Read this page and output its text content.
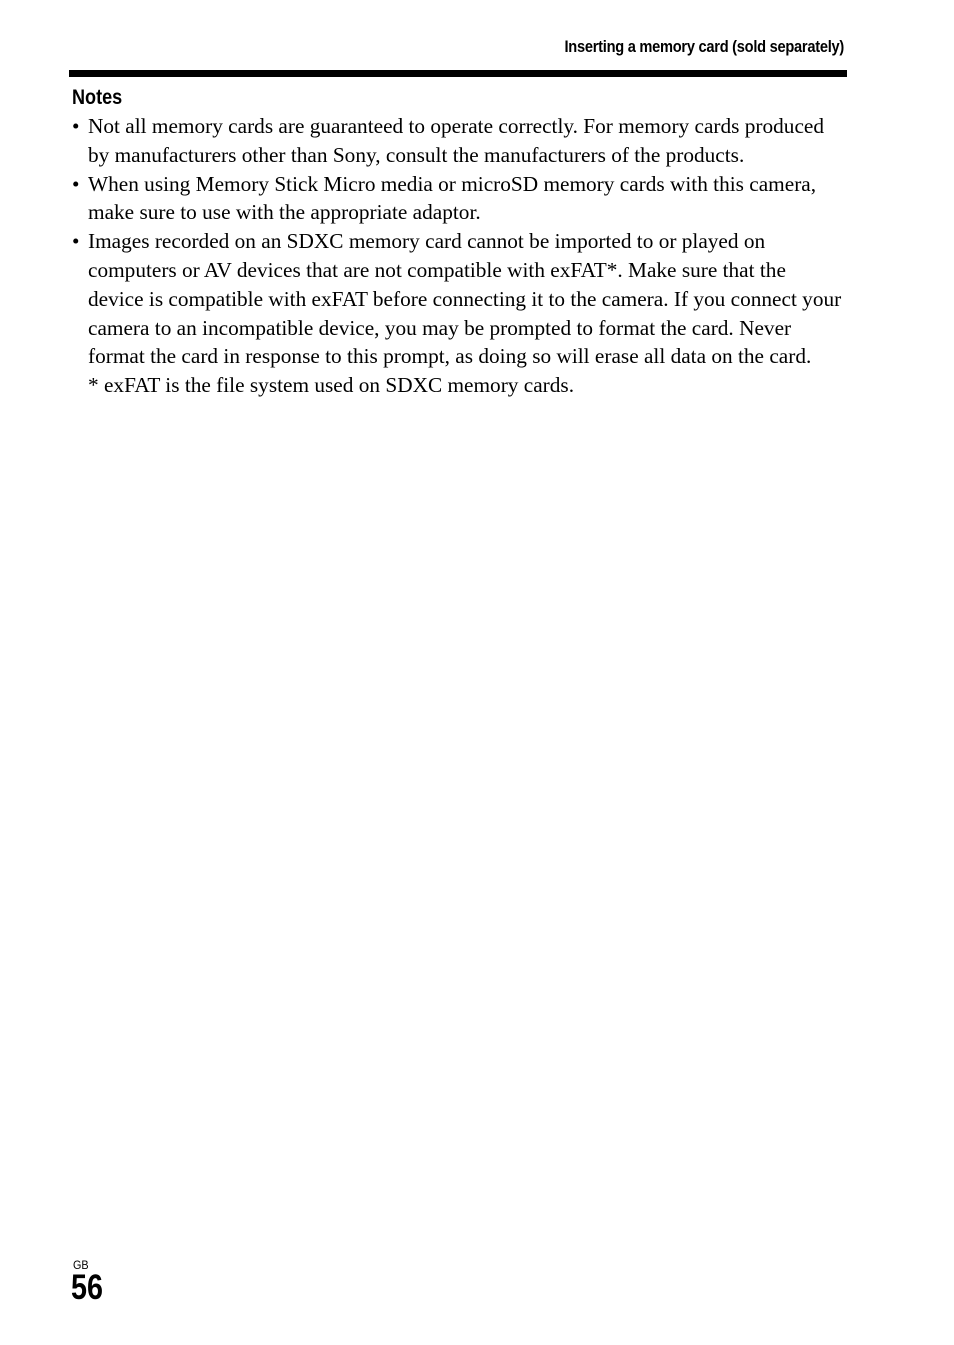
Inserting a memory card (sold separately)
Notes
• Not all memory cards are guaranteed to operate correctly. For memory cards produced by manufacturers other than Sony, consult the manufacturers of the products.
• When using Memory Stick Micro media or microSD memory cards with this camera, make sure to use with the appropriate adaptor.
• Images recorded on an SDXC memory card cannot be imported to or played on computers or AV devices that are not compatible with exFAT*. Make sure that the device is compatible with exFAT before connecting it to the camera. If you connect your camera to an incompatible device, you may be prompted to format the card. Never format the card in response to this prompt, as doing so will erase all data on the card.
* exFAT is the file system used on SDXC memory cards.
GB
56
